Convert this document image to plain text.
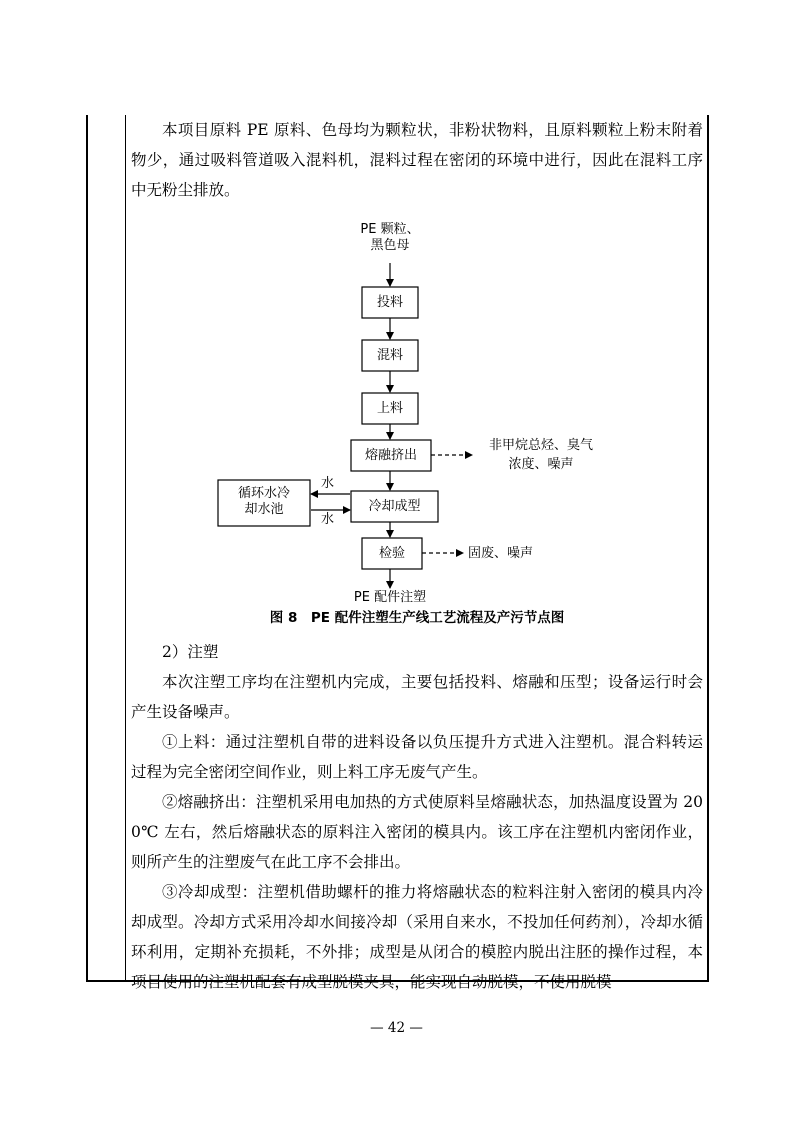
本项目原料 PE 原料、色母均为颗粒状，非粉状物料，且原料颗粒上粉末附着物少，通过吸料管道吸入混料机，混料过程在密闭的环境中进行，因此在混料工序中无粉尘排放。

PE 颗粒、
黑色母
投料
混料
上料
熔融挤出
冷却成型
检验
循环水冷
却水池
水
水
非甲烷总烃、臭气
浓度、噪声
固废、噪声
PE 配件注塑
图 8　PE 配件注塑生产线工艺流程及产污节点图

2）注塑

本次注塑工序均在注塑机内完成，主要包括投料、熔融和压型；设备运行时会产生设备噪声。

①上料：通过注塑机自带的进料设备以负压提升方式进入注塑机。混合料转运过程为完全密闭空间作业，则上料工序无废气产生。

②熔融挤出：注塑机采用电加热的方式使原料呈熔融状态，加热温度设置为 200℃ 左右，然后熔融状态的原料注入密闭的模具内。该工序在注塑机内密闭作业，则所产生的注塑废气在此工序不会排出。

③冷却成型：注塑机借助螺杆的推力将熔融状态的粒料注射入密闭的模具内冷却成型。冷却方式采用冷却水间接冷却（采用自来水，不投加任何药剂），冷却水循环利用，定期补充损耗，不外排；成型是从闭合的模腔内脱出注胚的操作过程，本项目使用的注塑机配套有成型脱模夹具，能实现自动脱模，不使用脱模

— 42 —
